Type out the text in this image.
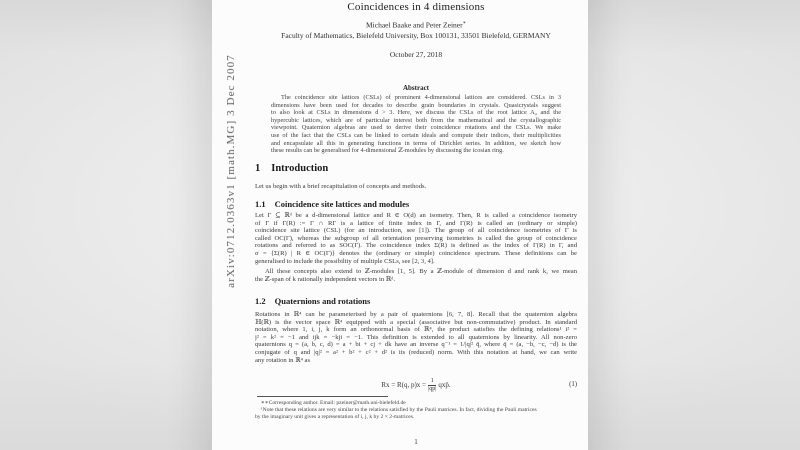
Coincidences in 4 dimensions
Michael Baake and Peter Zeiner∗
Faculty of Mathematics, Bielefeld University, Box 100131, 33501 Bielefeld, GERMANY
October 27, 2018
Abstract
The coincidence site lattices (CSLs) of prominent 4-dimensional lattices are considered. CSLs in 3
dimensions have been used for decades to describe grain boundaries in crystals. Quasicrystals suggest
to also look at CSLs in dimensions d > 3. Here, we discuss the CSLs of the root lattice A₄ and the
hypercubic lattices, which are of particular interest both from the mathematical and the crystallographic
viewpoint. Quaternion algebras are used to derive their coincidence rotations and the CSLs. We make
use of the fact that the CSLs can be linked to certain ideals and compute their indices, their multiplicities
and encapsulate all this in generating functions in terms of Dirichlet series. In addition, we sketch how
these results can be generalised for 4-dimensional ℤ-modules by discussing the icosian ring.
1 Introduction
Let us begin with a brief recapitulation of concepts and methods.
1.1 Coincidence site lattices and modules
Let Γ ⊆ ℝᵈ be a d-dimensional lattice and R ∈ O(d) an isometry. Then, R is called a coincidence isometry
of Γ if Γ(R) := Γ ∩ RΓ is a lattice of finite index in Γ, and Γ(R) is called an (ordinary or simple)
coincidence site lattice (CSL) (for an introduction, see [1]). The group of all coincidence isometries of Γ is
called OC(Γ), whereas the subgroup of all orientation preserving isometries is called the group of coincidence
rotations and referred to as SOC(Γ). The coincidence index Σ(R) is defined as the index of Γ(R) in Γ, and
σ = {Σ(R) | R ∈ OC(Γ)} denotes the (ordinary or simple) coincidence spectrum. These definitions can be
generalised to include the possibility of multiple CSLs, see [2, 3, 4].
All these concepts also extend to ℤ-modules [1, 5]. By a ℤ-module of dimension d and rank k, we mean
the ℤ-span of k rationally independent vectors in ℝᵈ.
1.2 Quaternions and rotations
Rotations in ℝ⁴ can be parameterised by a pair of quaternions [6, 7, 8]. Recall that the quaternion algebra
ℍ(ℝ) is the vector space ℝ⁴ equipped with a special (associative but non-commutative) product. In standard
notation, where 1, i, j, k form an orthonormal basis of ℝ⁴, the product satisfies the defining relations¹ i² =
j² = k² = −1 and ijk = −kji = −1. This definition is extended to all quaternions by linearity. All non-zero
quaternions q = (a, b, c, d) = a + bi + cj + dk have an inverse q⁻¹ = 1/|q|² q̄, where q̄ = (a, −b, −c, −d) is the
conjugate of q and |q|² = a² + b² + c² + d² is its (reduced) norm. With this notation at hand, we can write
any rotation in ℝ⁴ as
Rx = R(q, $p)x = \frac{1}{|qp|}$ qxp̄.	(1)
∗∗Corresponding author. Email: pzeiner@math.uni-bielefeld.de
¹Note that these relations are very similar to the relations satisfied by the Pauli matrices. In fact, dividing the Pauli matrices
by the imaginary unit gives a representation of i, j, k by 2 × 2-matrices.
1
arXiv:0712.0363v1 [math.MG] 3 Dec 2007
